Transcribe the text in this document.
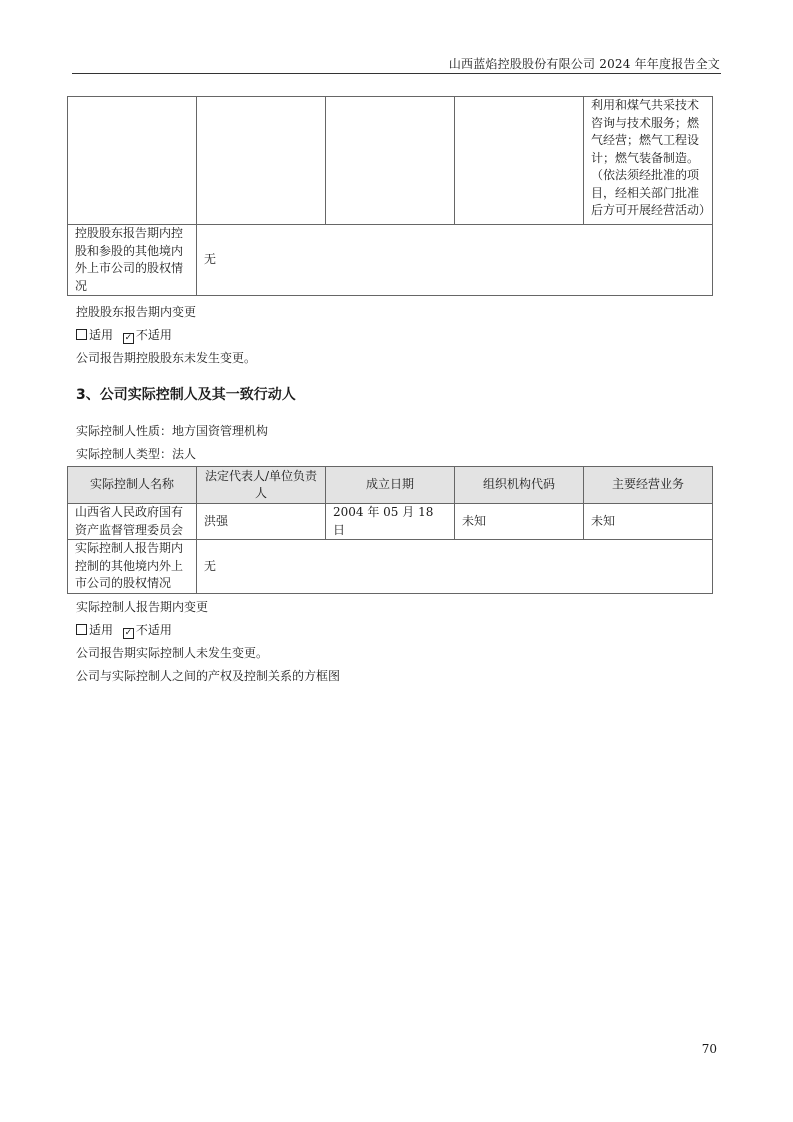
山西蓝焰控股股份有限公司 2024 年年度报告全文
				利用和煤气共采技术咨询与技术服务；燃气经营；燃气工程设计；燃气装备制造。（依法须经批准的项目，经相关部门批准后方可开展经营活动）
控股股东报告期内控股和参股的其他境内外上市公司的股权情况	无			
控股股东报告期内变更
适用 ✓ 不适用
公司报告期控股股东未发生变更。
3、公司实际控制人及其一致行动人
实际控制人性质：地方国资管理机构
实际控制人类型：法人
实际控制人名称	法定代表人/单位负责人	成立日期	组织机构代码	主要经营业务
山西省人民政府国有资产监督管理委员会	洪强	2004 年 05 月 18 日	未知	未知
实际控制人报告期内控制的其他境内外上市公司的股权情况	无			
实际控制人报告期内变更
适用 ✓ 不适用
公司报告期实际控制人未发生变更。
公司与实际控制人之间的产权及控制关系的方框图
70
